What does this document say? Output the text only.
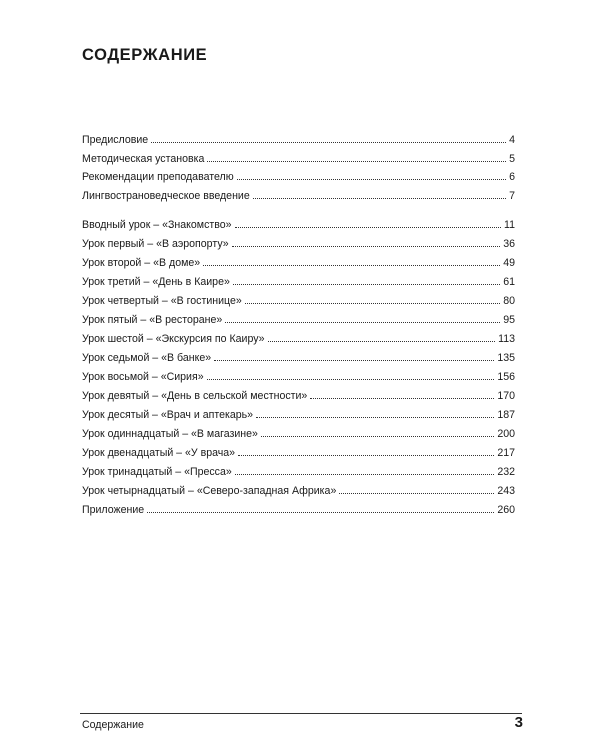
СОДЕРЖАНИЕ
Предисловие	4
Методическая установка	5
Рекомендации преподавателю	6
Лингвострановедческое введение	7
Вводный урок – «Знакомство»	11
Урок первый – «В аэропорту»	36
Урок второй – «В доме»	49
Урок третий – «День в Каире»	61
Урок четвертый – «В гостинице»	80
Урок пятый – «В ресторане»	95
Урок шестой – «Экскурсия по Каиру»	113
Урок седьмой – «В банке»	135
Урок восьмой – «Сирия»	156
Урок девятый – «День в сельской местности»	170
Урок десятый – «Врач и аптекарь»	187
Урок одиннадцатый – «В магазине»	200
Урок двенадцатый – «У врача»	217
Урок тринадцатый – «Пресса»	232
Урок четырнадцатый – «Северо-западная Африка»	243
Приложение	260

Содержание	3
